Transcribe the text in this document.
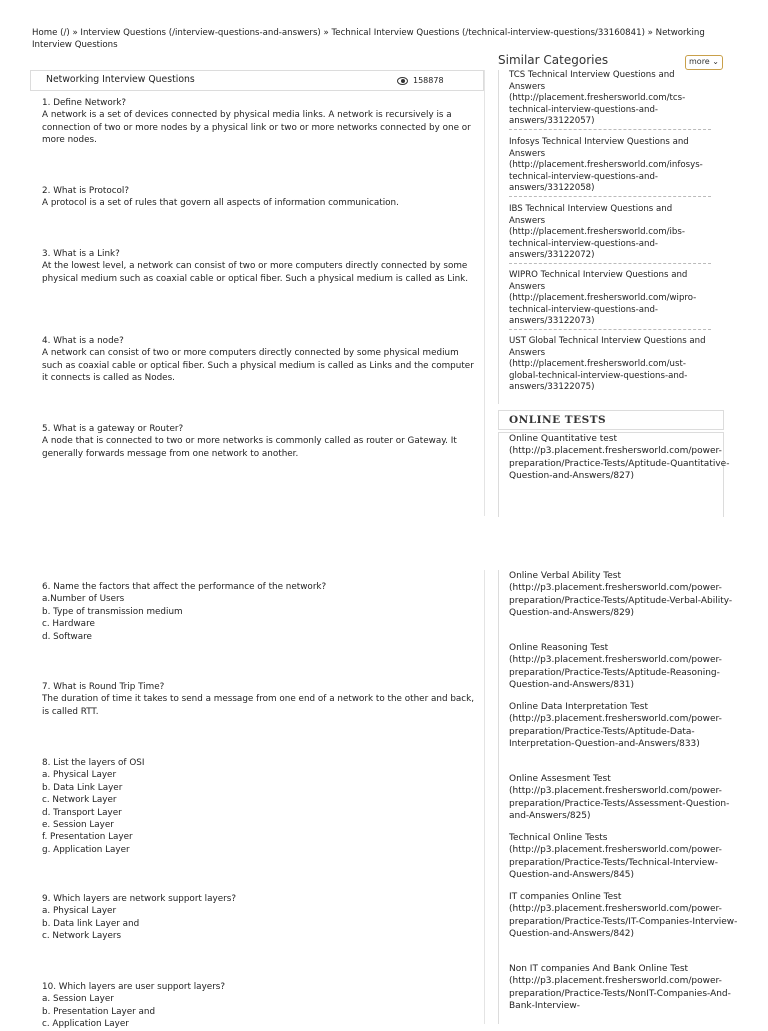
Home (/) » Interview Questions (/interview-questions-and-answers) » Technical Interview Questions (/technical-interview-questions/33160841) » Networking Interview Questions
Networking Interview Questions	158878
1. Define Network?
A network is a set of devices connected by physical media links. A network is recursively is a connection of two or more nodes by a physical link or two or more networks connected by one or more nodes.
2. What is Protocol?
A protocol is a set of rules that govern all aspects of information communication.
3. What is a Link?
At the lowest level, a network can consist of two or more computers directly connected by some physical medium such as coaxial cable or optical fiber. Such a physical medium is called as Link.
4. What is a node?
A network can consist of two or more computers directly connected by some physical medium such as coaxial cable or optical fiber. Such a physical medium is called as Links and the computer it connects is called as Nodes.
5. What is a gateway or Router?
A node that is connected to two or more networks is commonly called as router or Gateway. It generally forwards message from one network to another.
6. Name the factors that affect the performance of the network?
a.Number of Users
b. Type of transmission medium
c. Hardware
d. Software
7. What is Round Trip Time?
The duration of time it takes to send a message from one end of a network to the other and back, is called RTT.
8. List the layers of OSI
a. Physical Layer
b. Data Link Layer
c. Network Layer
d. Transport Layer
e. Session Layer
f. Presentation Layer
g. Application Layer
9. Which layers are network support layers?
a. Physical Layer
b. Data link Layer and
c. Network Layers
10. Which layers are user support layers?
a. Session Layer
b. Presentation Layer and
c. Application Layer
Similar Categories	more ⌄
TCS Technical Interview Questions and Answers (http://placement.freshersworld.com/tcs-technical-interview-questions-and-answers/33122057)
Infosys Technical Interview Questions and Answers (http://placement.freshersworld.com/infosys-technical-interview-questions-and-answers/33122058)
IBS Technical Interview Questions and Answers (http://placement.freshersworld.com/ibs-technical-interview-questions-and-answers/33122072)
WIPRO Technical Interview Questions and Answers (http://placement.freshersworld.com/wipro-technical-interview-questions-and-answers/33122073)
UST Global Technical Interview Questions and Answers (http://placement.freshersworld.com/ust-global-technical-interview-questions-and-answers/33122075)
ONLINE TESTS
Online Quantitative test (http://p3.placement.freshersworld.com/power-preparation/Practice-Tests/Aptitude-Quantitative-Question-and-Answers/827)
Online Verbal Ability Test (http://p3.placement.freshersworld.com/power-preparation/Practice-Tests/Aptitude-Verbal-Ability-Question-and-Answers/829)
Online Reasoning Test (http://p3.placement.freshersworld.com/power-preparation/Practice-Tests/Aptitude-Reasoning-Question-and-Answers/831)
Online Data Interpretation Test (http://p3.placement.freshersworld.com/power-preparation/Practice-Tests/Aptitude-Data-Interpretation-Question-and-Answers/833)
Online Assesment Test (http://p3.placement.freshersworld.com/power-preparation/Practice-Tests/Assessment-Question-and-Answers/825)
Technical Online Tests (http://p3.placement.freshersworld.com/power-preparation/Practice-Tests/Technical-Interview-Question-and-Answers/845)
IT companies Online Test (http://p3.placement.freshersworld.com/power-preparation/Practice-Tests/IT-Companies-Interview-Question-and-Answers/842)
Non IT companies And Bank Online Test (http://p3.placement.freshersworld.com/power-preparation/Practice-Tests/NonIT-Companies-And-Bank-Interview-
